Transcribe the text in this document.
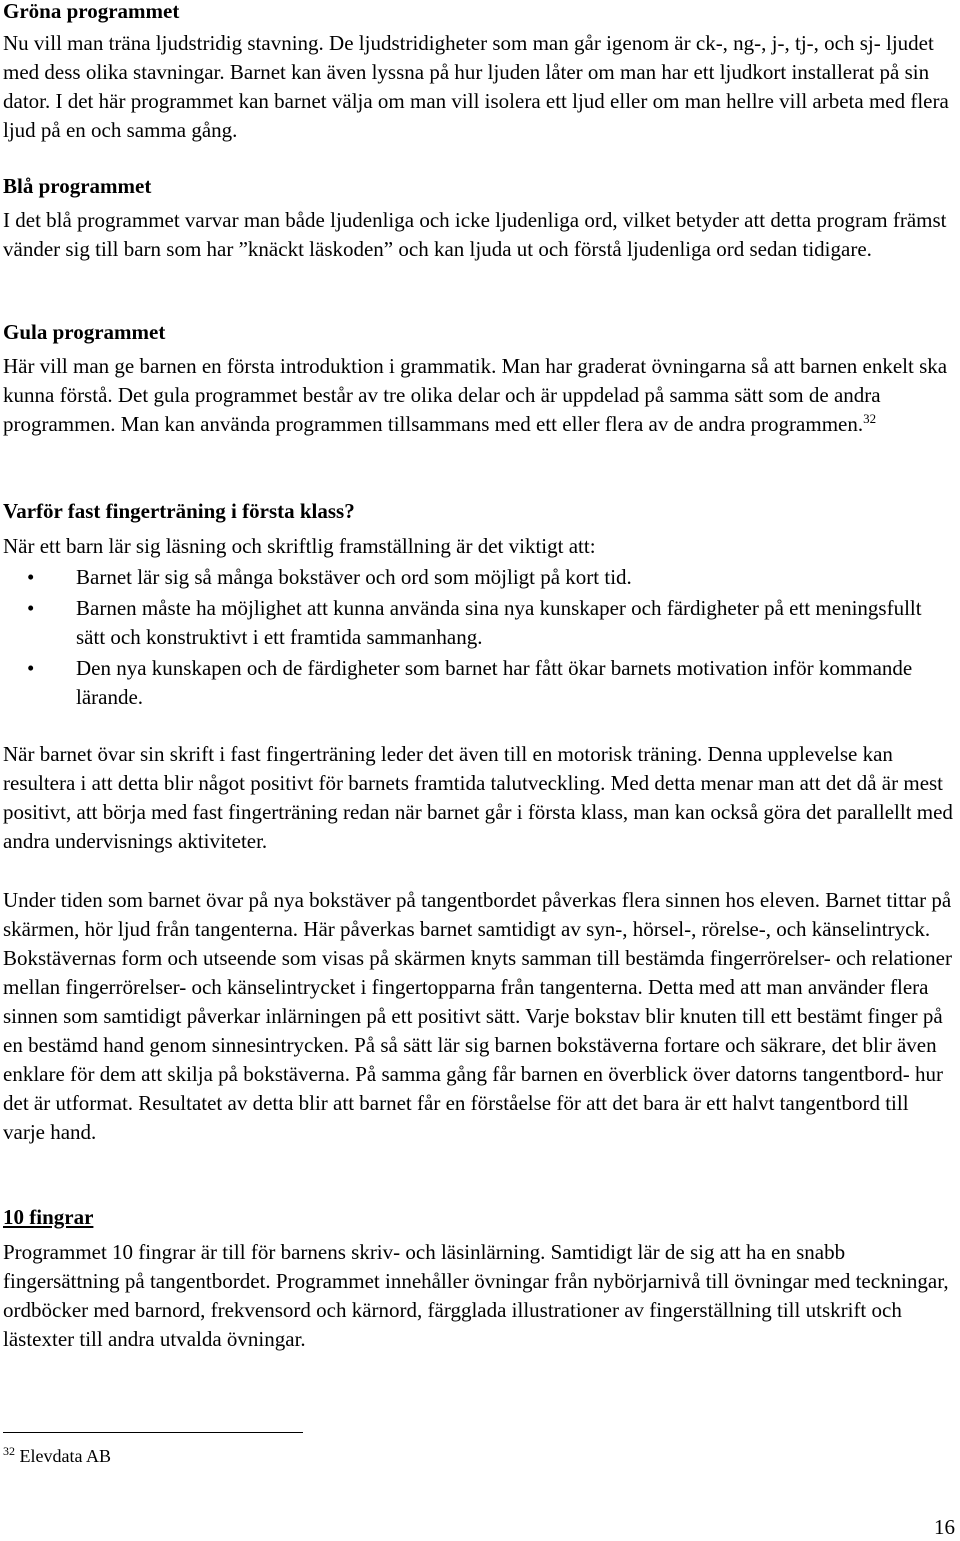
Gröna programmet

Nu vill man träna ljudstridig stavning. De ljudstridigheter som man går igenom är ck-, ng-, j-, tj-, och sj- ljudet med dess olika stavningar. Barnet kan även lyssna på hur ljuden låter om man har ett ljudkort installerat på sin dator. I det här programmet kan barnet välja om man vill isolera ett ljud eller om man hellre vill arbeta med flera ljud på en och samma gång.

Blå programmet

I det blå programmet varvar man både ljudenliga och icke ljudenliga ord, vilket betyder att detta program främst vänder sig till barn som har ”knäckt läskoden” och kan ljuda ut och förstå ljudenliga ord sedan tidigare.

Gula programmet

Här vill man ge barnen en första introduktion i grammatik. Man har graderat övningarna så att barnen enkelt ska kunna förstå. Det gula programmet består av tre olika delar och är uppdelad på samma sätt som de andra programmen. Man kan använda programmen tillsammans med ett eller flera av de andra programmen.$^{32}$

Varför fast fingerträning i första klass?

När ett barn lär sig läsning och skriftlig framställning är det viktigt att:

• Barnet lär sig så många bokstäver och ord som möjligt på kort tid.
• Barnen måste ha möjlighet att kunna använda sina nya kunskaper och färdigheter på ett meningsfullt sätt och konstruktivt i ett framtida sammanhang.
• Den nya kunskapen och de färdigheter som barnet har fått ökar barnets motivation inför kommande lärande.

När barnet övar sin skrift i fast fingerträning leder det även till en motorisk träning. Denna upplevelse kan resultera i att detta blir något positivt för barnets framtida talutveckling. Med detta menar man att det då är mest positivt, att börja med fast fingerträning redan när barnet går i första klass, man kan också göra det parallellt med andra undervisnings aktiviteter.

Under tiden som barnet övar på nya bokstäver på tangentbordet påverkas flera sinnen hos eleven. Barnet tittar på skärmen, hör ljud från tangenterna. Här påverkas barnet samtidigt av syn-, hörsel-, rörelse-, och känselintryck. Bokstävernas form och utseende som visas på skärmen knyts samman till bestämda fingerrörelser- och relationer mellan fingerrörelser- och känselintrycket i fingertopparna från tangenterna. Detta med att man använder flera sinnen som samtidigt påverkar inlärningen på ett positivt sätt. Varje bokstav blir knuten till ett bestämt finger på en bestämd hand genom sinnesintrycken. På så sätt lär sig barnen bokstäverna fortare och säkrare, det blir även enklare för dem att skilja på bokstäverna. På samma gång får barnen en överblick över datorns tangentbord- hur det är utformat. Resultatet av detta blir att barnet får en förståelse för att det bara är ett halvt tangentbord till varje hand.

10 fingrar

Programmet 10 fingrar är till för barnens skriv- och läsinlärning. Samtidigt lär de sig att ha en snabb fingersättning på tangentbordet. Programmet innehåller övningar från nybörjarnivå till övningar med teckningar, ordböcker med barnord, frekvensord och kärnord, färgglada illustrationer av fingerställning till utskrift och lästexter till andra utvalda övningar.

$^{32}$ Elevdata AB
16
